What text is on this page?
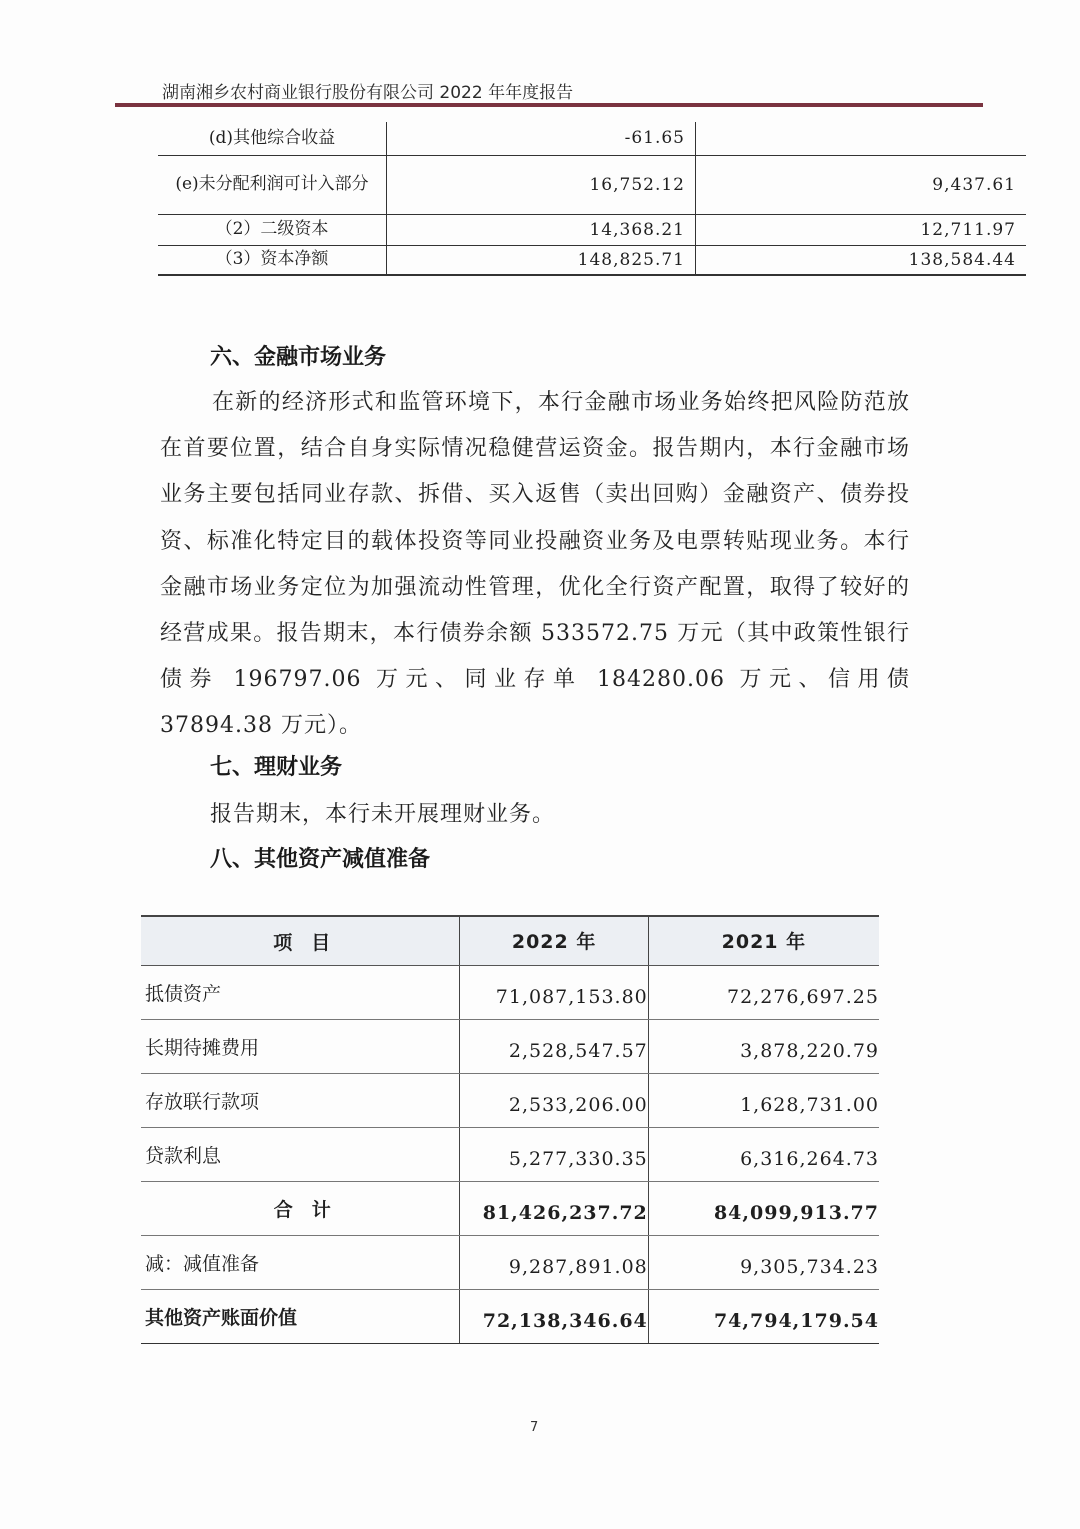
湖南湘乡农村商业银行股份有限公司 2022 年年度报告
(d)其他综合收益	-61.65	
(e)未分配利润可计入部分	16,752.12	9,437.61
（2）二级资本	14,368.21	12,711.97
（3）资本净额	148,825.71	138,584.44
六、金融市场业务
在新的经济形式和监管环境下，本行金融市场业务始终把风险防范放在首要位置，结合自身实际情况稳健营运资金。报告期内，本行金融市场业务主要包括同业存款、拆借、买入返售（卖出回购）金融资产、债券投资、标准化特定目的载体投资等同业投融资业务及电票转贴现业务。本行金融市场业务定位为加强流动性管理，优化全行资产配置，取得了较好的经营成果。报告期末，本行债券余额 533572.75 万元（其中政策性银行债券 196797.06 万元、同业存单 184280.06 万元、信用债 37894.38 万元）。
七、理财业务
报告期末，本行未开展理财业务。
八、其他资产减值准备
项　目	2022 年	2021 年
抵债资产	71,087,153.80	72,276,697.25
长期待摊费用	2,528,547.57	3,878,220.79
存放联行款项	2,533,206.00	1,628,731.00
贷款利息	5,277,330.35	6,316,264.73
合　计	81,426,237.72	84,099,913.77
减：减值准备	9,287,891.08	9,305,734.23
其他资产账面价值	72,138,346.64	74,794,179.54
7
